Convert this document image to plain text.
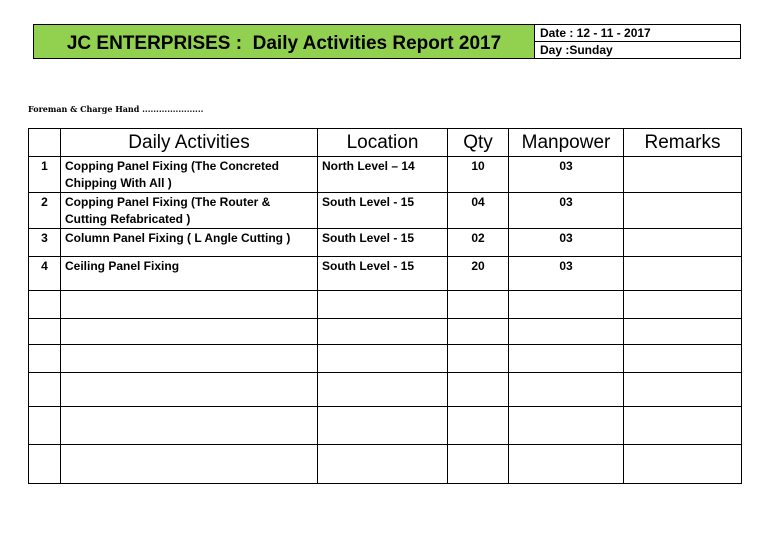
JC ENTERPRISES :  Daily Activities Report 2017	Date : 12 - 11 - 2017
Day :Sunday
Foreman & Charge Hand ......................
	Daily Activities	Location	Qty	Manpower	Remarks
1	Copping Panel Fixing (The Concreted Chipping With All )	North Level – 14	10	03	
2	Copping Panel Fixing (The Router & Cutting Refabricated )	South Level - 15	04	03	
3	Column Panel Fixing ( L Angle Cutting )	South Level - 15	02	03	
4	Ceiling Panel Fixing	South Level - 15	20	03	
